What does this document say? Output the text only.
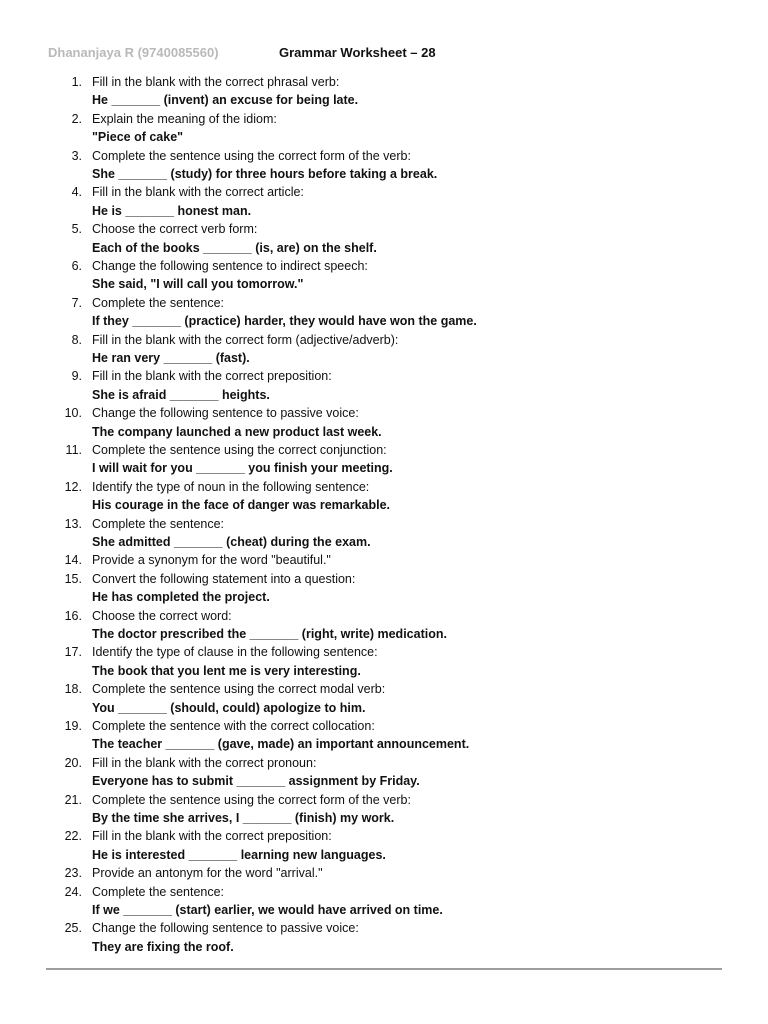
Dhananjaya R (9740085560)	Grammar Worksheet – 28
1. Fill in the blank with the correct phrasal verb:
He _______ (invent) an excuse for being late.
2. Explain the meaning of the idiom:
"Piece of cake"
3. Complete the sentence using the correct form of the verb:
She _______ (study) for three hours before taking a break.
4. Fill in the blank with the correct article:
He is _______ honest man.
5. Choose the correct verb form:
Each of the books _______ (is, are) on the shelf.
6. Change the following sentence to indirect speech:
She said, "I will call you tomorrow."
7. Complete the sentence:
If they _______ (practice) harder, they would have won the game.
8. Fill in the blank with the correct form (adjective/adverb):
He ran very _______ (fast).
9. Fill in the blank with the correct preposition:
She is afraid _______ heights.
10. Change the following sentence to passive voice:
The company launched a new product last week.
11. Complete the sentence using the correct conjunction:
I will wait for you _______ you finish your meeting.
12. Identify the type of noun in the following sentence:
His courage in the face of danger was remarkable.
13. Complete the sentence:
She admitted _______ (cheat) during the exam.
14. Provide a synonym for the word "beautiful."
15. Convert the following statement into a question:
He has completed the project.
16. Choose the correct word:
The doctor prescribed the _______ (right, write) medication.
17. Identify the type of clause in the following sentence:
The book that you lent me is very interesting.
18. Complete the sentence using the correct modal verb:
You _______ (should, could) apologize to him.
19. Complete the sentence with the correct collocation:
The teacher _______ (gave, made) an important announcement.
20. Fill in the blank with the correct pronoun:
Everyone has to submit _______ assignment by Friday.
21. Complete the sentence using the correct form of the verb:
By the time she arrives, I _______ (finish) my work.
22. Fill in the blank with the correct preposition:
He is interested _______ learning new languages.
23. Provide an antonym for the word "arrival."
24. Complete the sentence:
If we _______ (start) earlier, we would have arrived on time.
25. Change the following sentence to passive voice:
They are fixing the roof.
